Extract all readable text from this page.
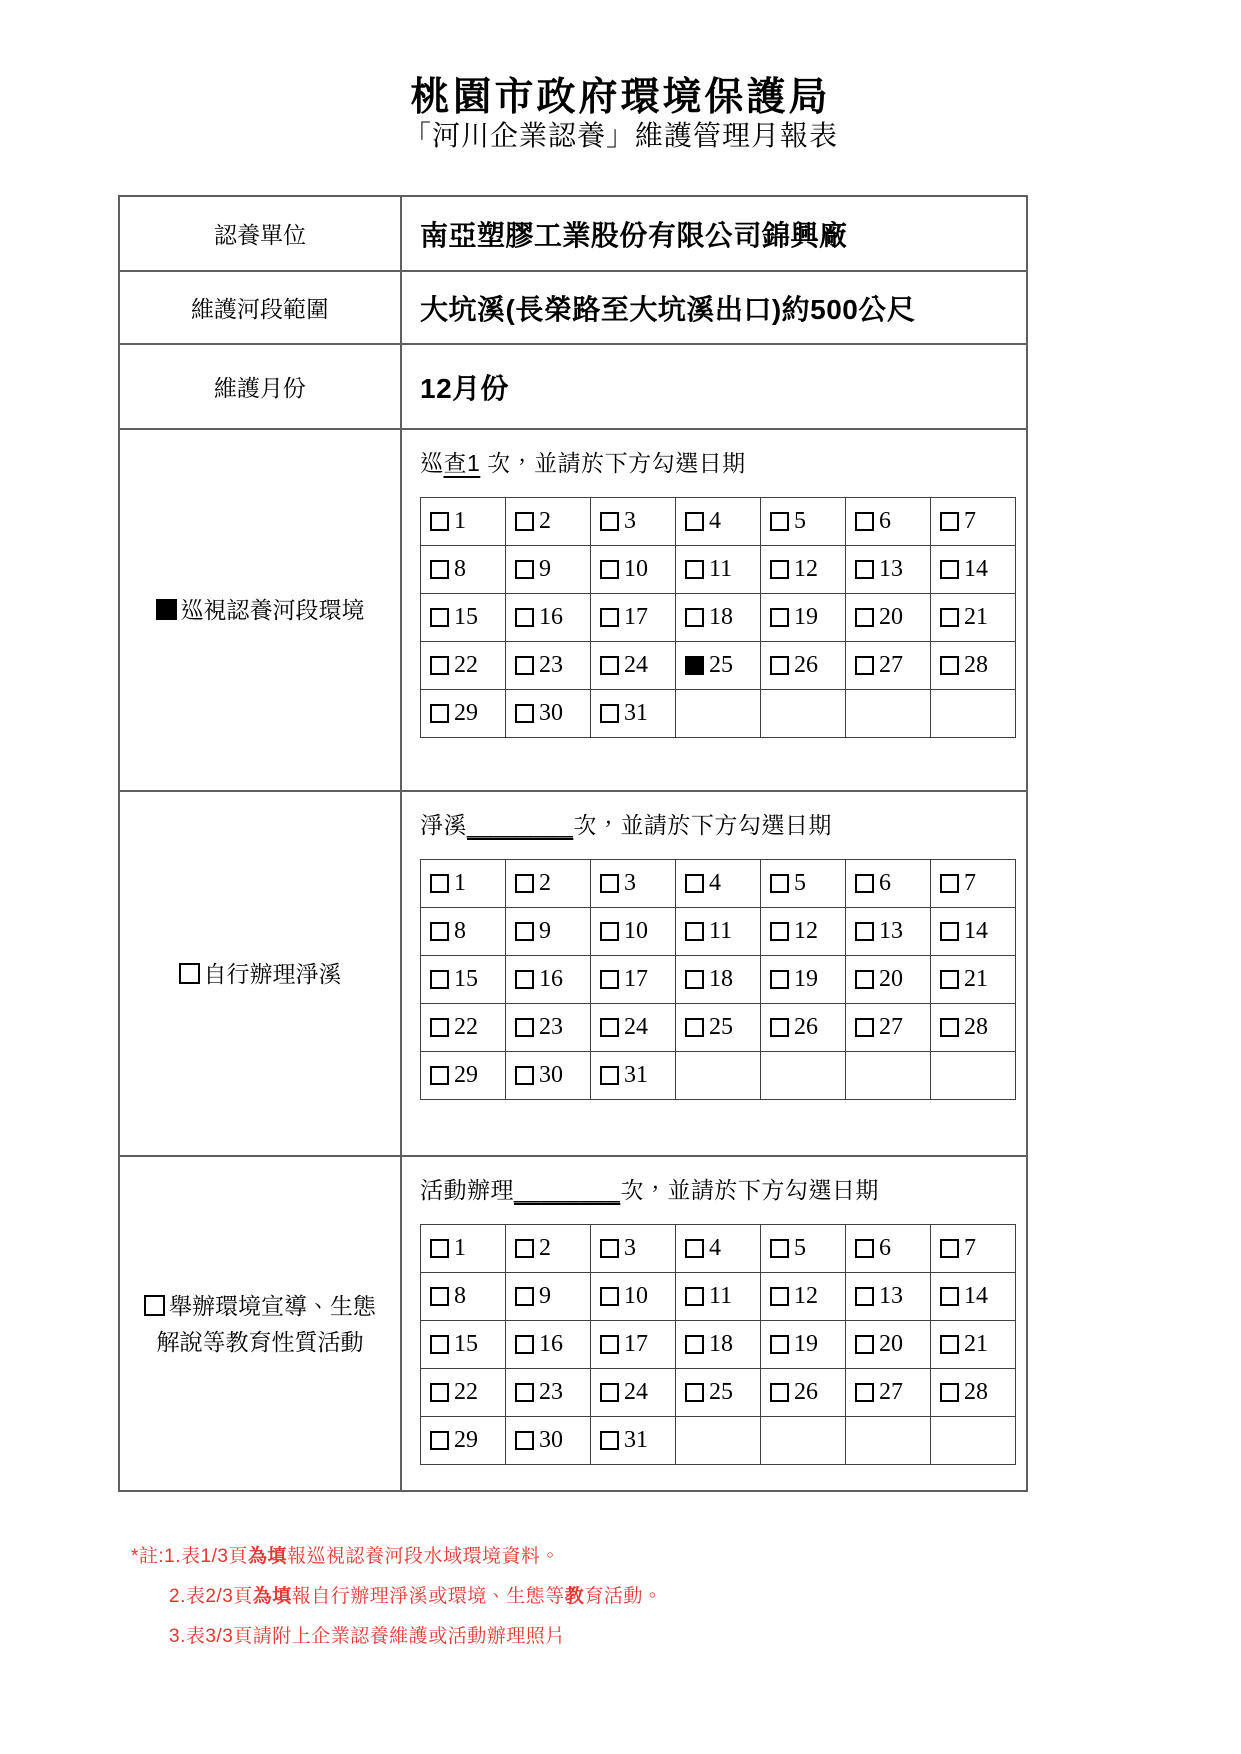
桃園市政府環境保護局
「河川企業認養」維護管理月報表
認養單位	南亞塑膠工業股份有限公司錦興廠
維護河段範圍	大坑溪(長榮路至大坑溪出口)約500公尺
維護月份	12月份
巡視認養河段環境
巡查1 次，並請於下方勾選日期
1	2	3	4	5	6	7
8	9	10	11	12	13	14
15	16	17	18	19	20	21
22	23	24	25	26	27	28
29	30	31
自行辦理淨溪
淨溪________次，並請於下方勾選日期
1	2	3	4	5	6	7
8	9	10	11	12	13	14
15	16	17	18	19	20	21
22	23	24	25	26	27	28
29	30	31
舉辦環境宣導、生態
解說等教育性質活動
活動辦理________次，並請於下方勾選日期
1	2	3	4	5	6	7
8	9	10	11	12	13	14
15	16	17	18	19	20	21
22	23	24	25	26	27	28
29	30	31
*註:1.表1/3頁為填報巡視認養河段水域環境資料。
2.表2/3頁為填報自行辦理淨溪或環境、生態等教育活動。
3.表3/3頁請附上企業認養維護或活動辦理照片
